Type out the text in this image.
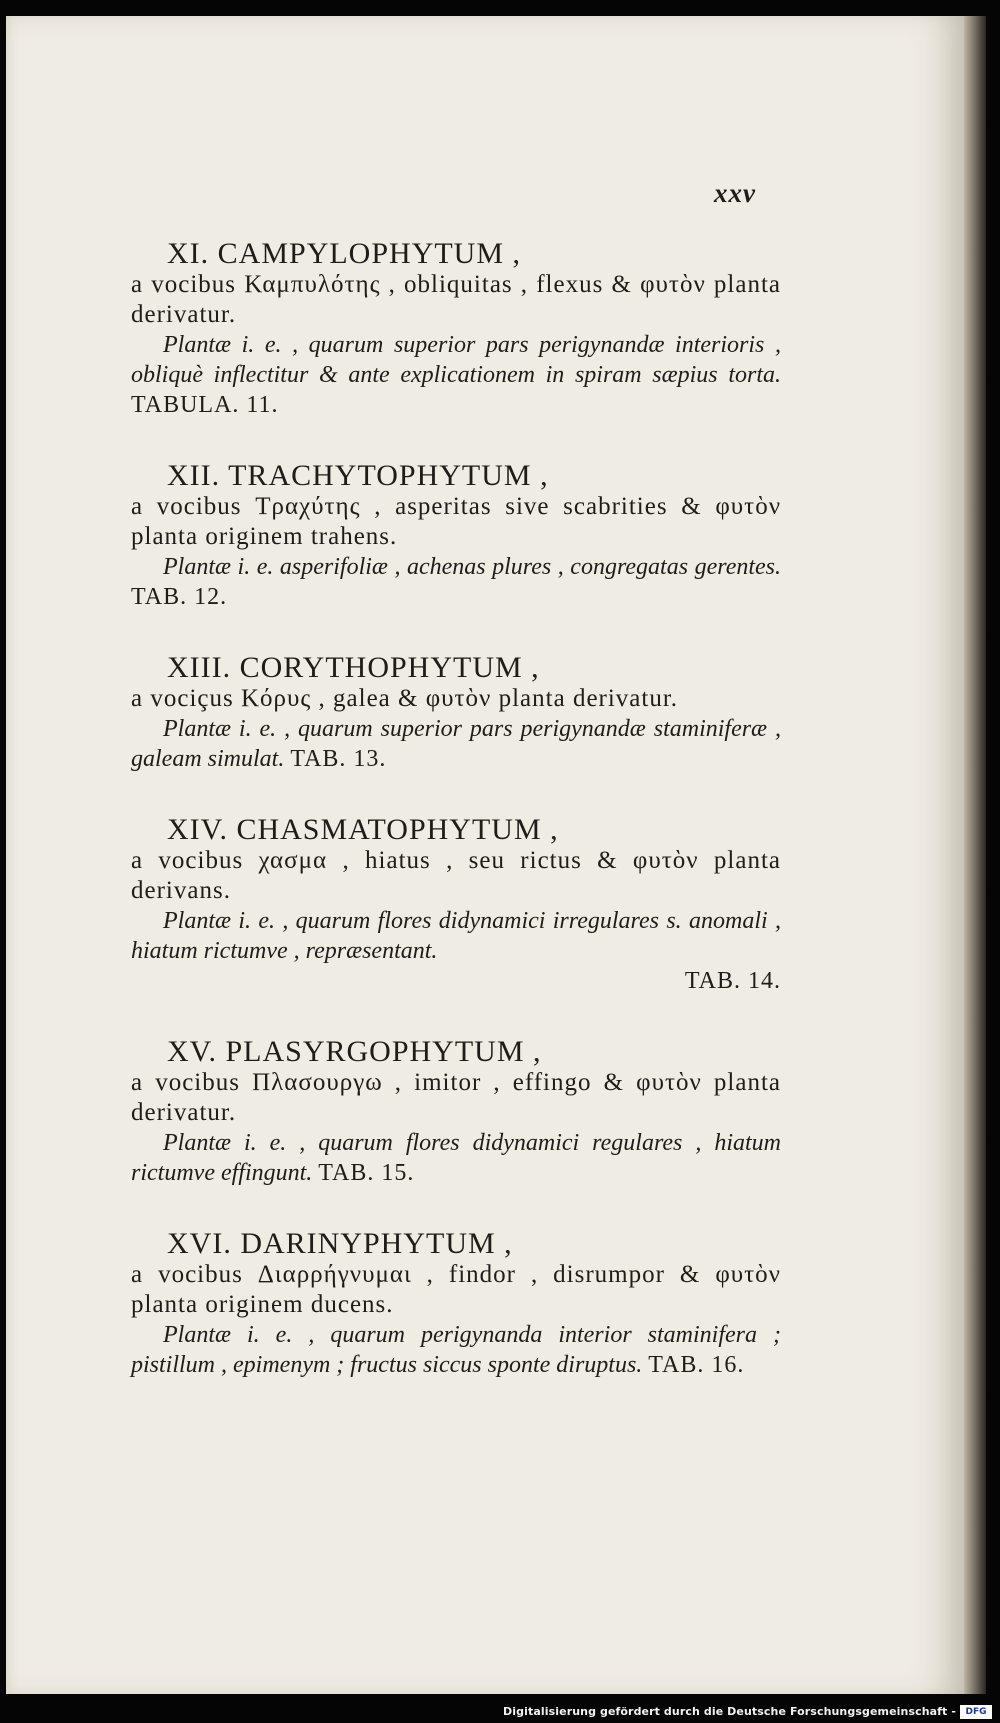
xxv
XI. CAMPYLOPHYTUM ,

a vocibus Καμπυλότης , obliquitas , flexus & φυτὸν planta derivatur.

Plantæ i. e. , quarum superior pars perigynandæ interioris , obliquè inflectitur & ante explicationem in spiram sæpius torta. TABULA. 11.

XII. TRACHYTOPHYTUM ,

a vocibus Τραχύτης , asperitas sive scabrities & φυτὸν planta originem trahens.

Plantæ i. e. asperifoliæ , achenas plures , congregatas gerentes. TAB. 12.

XIII. CORYTHOPHYTUM ,

a vociçus Κόρυς , galea & φυτὸν planta derivatur.

Plantæ i. e. , quarum superior pars perigynandæ staminiferæ , galeam simulat. TAB. 13.

XIV. CHASMATOPHYTUM ,

a vocibus χασμα , hiatus , seu rictus & φυτὸν planta derivans.

Plantæ i. e. , quarum flores didynamici irregulares s. anomali , hiatum rictumve , repræsentant.
TAB. 14.

XV. PLASYRGOPHYTUM ,

a vocibus Πλασουργω , imitor , effingo & φυτὸν planta derivatur.

Plantæ i. e. , quarum flores didynamici regulares , hiatum rictumve effingunt. TAB. 15.

XVI. DARINYPHYTUM ,

a vocibus Διαρρήγνυμαι , findor , disrumpor & φυτὸν planta originem ducens.

Plantæ i. e. , quarum perigynanda interior staminifera ; pistillum , epimenym ; fructus siccus sponte diruptus. TAB. 16.

Digitalisierung gefördert durch die Deutsche Forschungsgemeinschaft -	DFG
